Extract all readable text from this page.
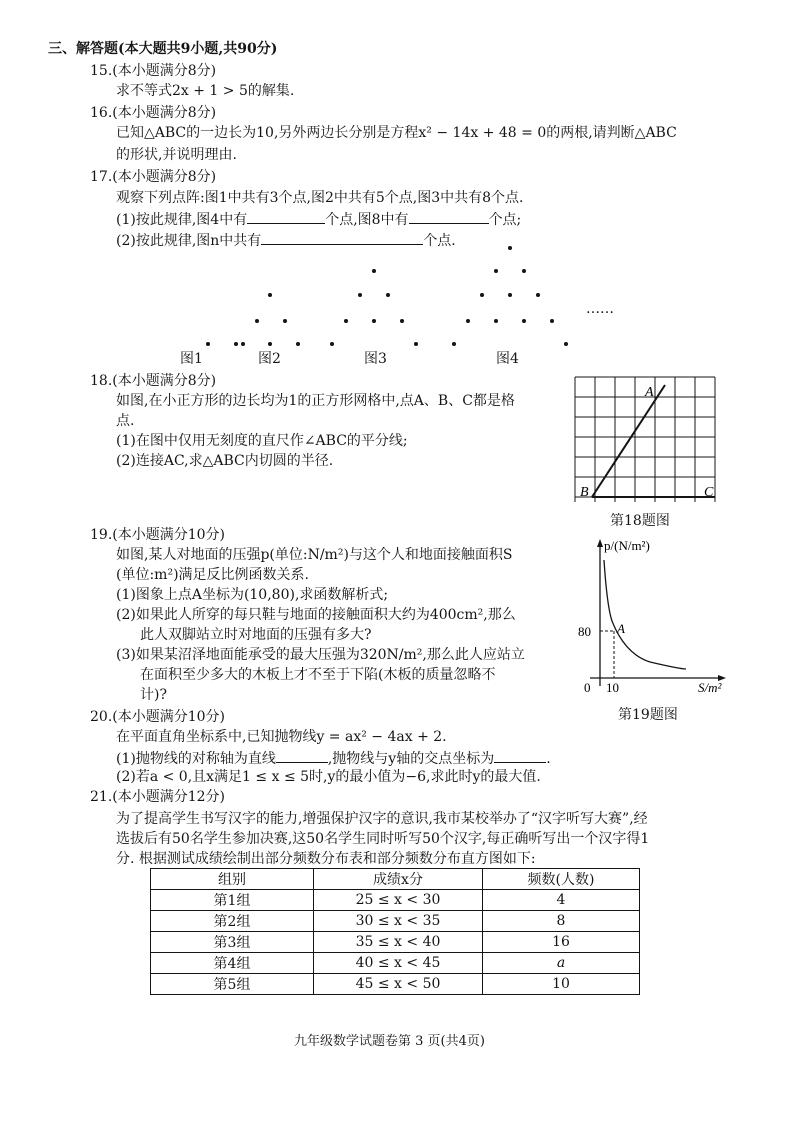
三、解答题(本大题共9小题,共90分)
15.(本小题满分8分)
求不等式2x + 1 > 5的解集.
16.(本小题满分8分)
已知△ABC的一边长为10,另外两边长分别是方程x² − 14x + 48 = 0的两根,请判断△ABC
的形状,并说明理由.
17.(本小题满分8分)
观察下列点阵:图1中共有3个点,图2中共有5个点,图3中共有8个点.
(1)按此规律,图4中有	个点,图8中有	个点;
(2)按此规律,图n中共有	个点.
……
图1	图2	图3	图4
18.(本小题满分8分)
如图,在小正方形的边长均为1的正方形网格中,点A、B、C都是格
点.
(1)在图中仅用无刻度的直尺作∠ABC的平分线;
(2)连接AC,求△ABC内切圆的半径.
A
B	C
第18题图
19.(本小题满分10分)
如图,某人对地面的压强p(单位:N/m²)与这个人和地面接触面积S
(单位:m²)满足反比例函数关系.
(1)图象上点A坐标为(10,80),求函数解析式;
(2)如果此人所穿的每只鞋与地面的接触面积大约为400cm²,那么
此人双脚站立时对地面的压强有多大?
(3)如果某沼泽地面能承受的最大压强为320N/m²,那么此人应站立
在面积至少多大的木板上才不至于下陷(木板的质量忽略不
计)?
p/(N/m²)
S/m²
80
10
0
A
第19题图
20.(本小题满分10分)
在平面直角坐标系中,已知抛物线y = ax² − 4ax + 2.
(1)抛物线的对称轴为直线	,抛物线与y轴的交点坐标为	.
(2)若a < 0,且x满足1 ≤ x ≤ 5时,y的最小值为−6,求此时y的最大值.
21.(本小题满分12分)
为了提高学生书写汉字的能力,增强保护汉字的意识,我市某校举办了“汉字听写大赛”,经
选拔后有50名学生参加决赛,这50名学生同时听写50个汉字,每正确听写出一个汉字得1
分. 根据测试成绩绘制出部分频数分布表和部分频数分布直方图如下:
组别	成绩x分	频数(人数)
第1组	25 ≤ x < 30	4
第2组	30 ≤ x < 35	8
第3组	35 ≤ x < 40	16
第4组	40 ≤ x < 45	a
第5组	45 ≤ x < 50	10
九年级数学试题卷第 3 页(共4页)
